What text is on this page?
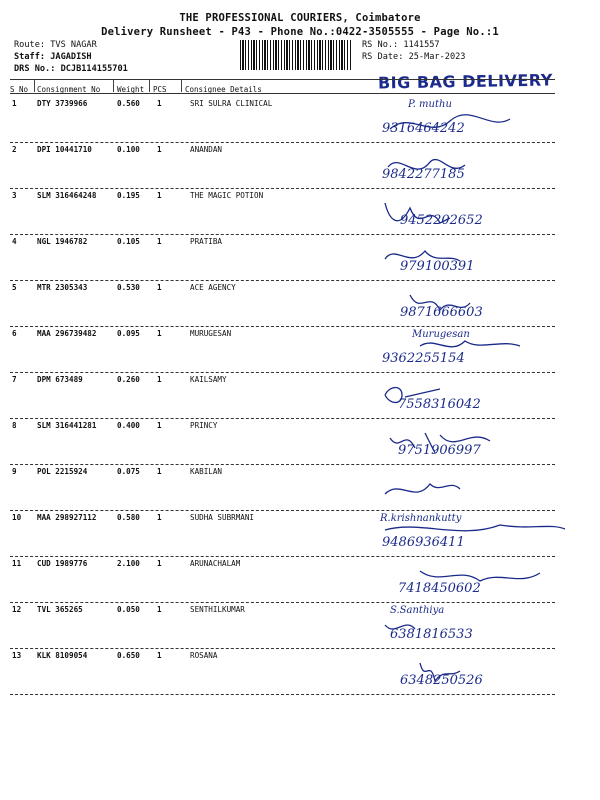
THE PROFESSIONAL COURIERS, Coimbatore
Delivery Runsheet - P43 - Phone No.:0422-3505555 - Page No.:1
Route: TVS NAGAR
Staff: JAGADISH
DRS No.: DCJB114155701
RS No.: 1141557
RS Date: 25-Mar-2023
BIG BAG DELIVERY
S No Consignment No Weight PCS Consignee Details
1	DTY 3739966	0.560 1	SRI SULRA CLINICAL	P. muthu
9316464242
2	DPI 10441710	0.100 1	ANANDAN
9842277185
3	SLM 316464248	0.195 1	THE MAGIC POTION
9452202652
4	NGL 1946782	0.105 1	PRATIBA
979100391
5	MTR 2305343	0.530 1	ACE AGENCY
9871666603
6	MAA 296739482	0.095 1	MURUGESAN	Murugesan
9362255154
7	DPM 673489	0.260 1	KAILSAMY
7558316042
8	SLM 316441281	0.400 1	PRINCY
9751906997
9	POL 2215924	0.075 1	KABILAN
10 MAA 298927112	0.580 1	SUDHA SUBRMANI	R.krishnankutty
9486936411
11 CUD 1989776	2.100 1	ARUNACHALAM
7418450602
12 TVL 365265	0.050 1	SENTHILKUMAR	S.Santhiya
6381816533
13 KLK 8109054	0.650 1	ROSANA
6348250526
